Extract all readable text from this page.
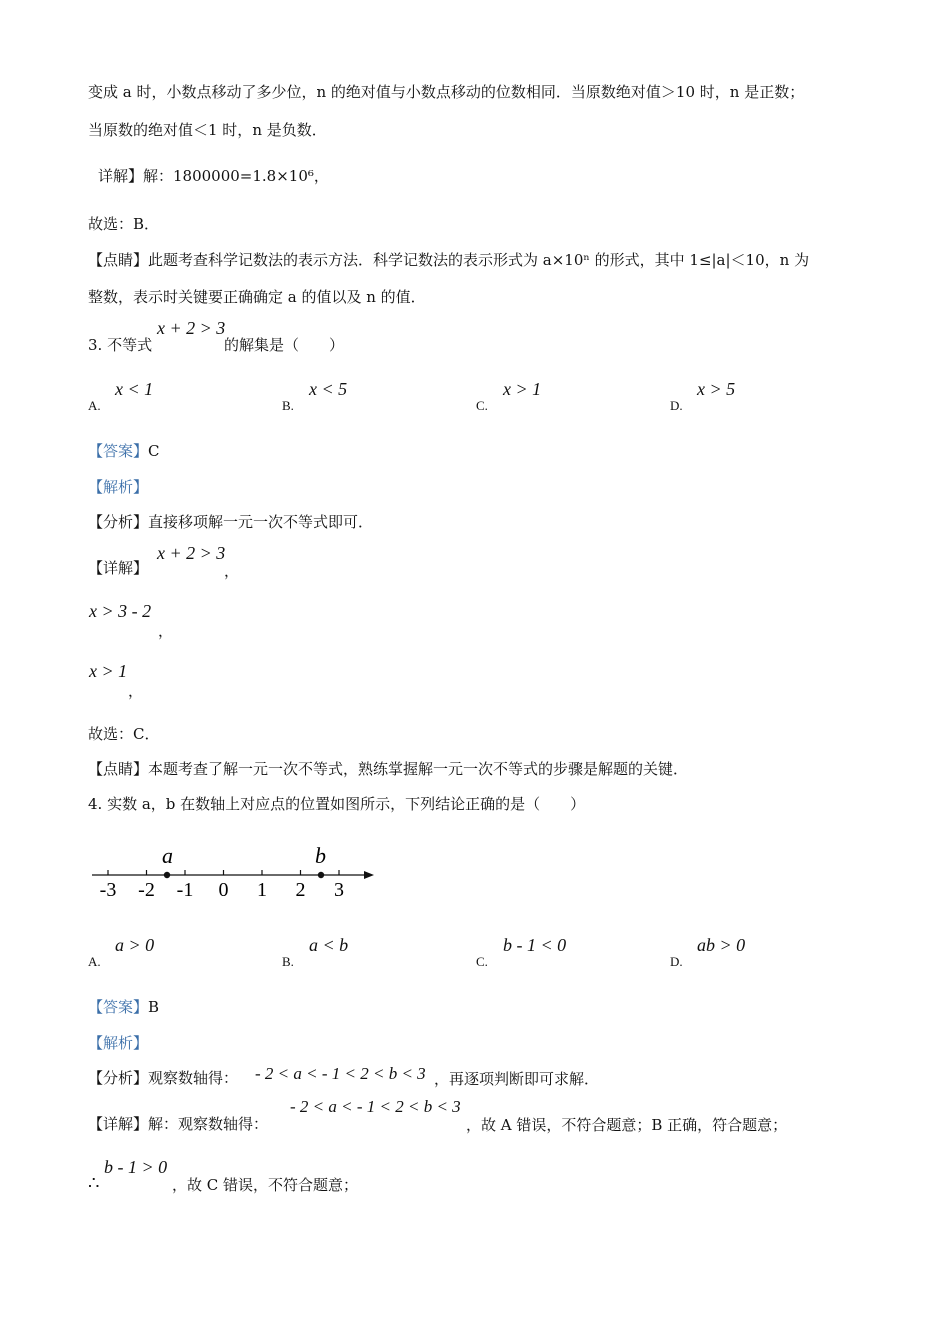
变成 a 时，小数点移动了多少位，n 的绝对值与小数点移动的位数相同．当原数绝对值＞10 时，n 是正数；
当原数的绝对值＜1 时，n 是负数．
详解】解：1800000=1.8×10⁶，
故选：B．
【点睛】此题考查科学记数法的表示方法．科学记数法的表示形式为 a×10ⁿ 的形式，其中 1≤|a|＜10，n 为
整数，表示时关键要正确确定 a 的值以及 n 的值．
3. 不等式
x + 2 > 3
的解集是（　　）
A.
x < 1
B.
x < 5
C.
x > 1
D.
x > 5
【答案】C
【解析】
【分析】直接移项解一元一次不等式即可．
【详解】
x + 2 > 3
，
x > 3 - 2
，
x > 1
，
故选：C．
【点睛】本题考查了解一元一次不等式，熟练掌握解一元一次不等式的步骤是解题的关键．
4. 实数 a，b 在数轴上对应点的位置如图所示，下列结论正确的是（　　）
-3 -2 -1 0 1 2 3
a	b
A.
a > 0
B.
a < b
C.
b - 1 < 0
D.
ab > 0
【答案】B
【解析】
【分析】观察数轴得： - 2 < a < - 1 < 2 < b < 3 ，再逐项判断即可求解．
【详解】解：观察数轴得：
- 2 < a < - 1 < 2 < b < 3
，故 A 错误，不符合题意；B 正确，符合题意；
∴
b - 1 > 0
，故 C 错误，不符合题意；
